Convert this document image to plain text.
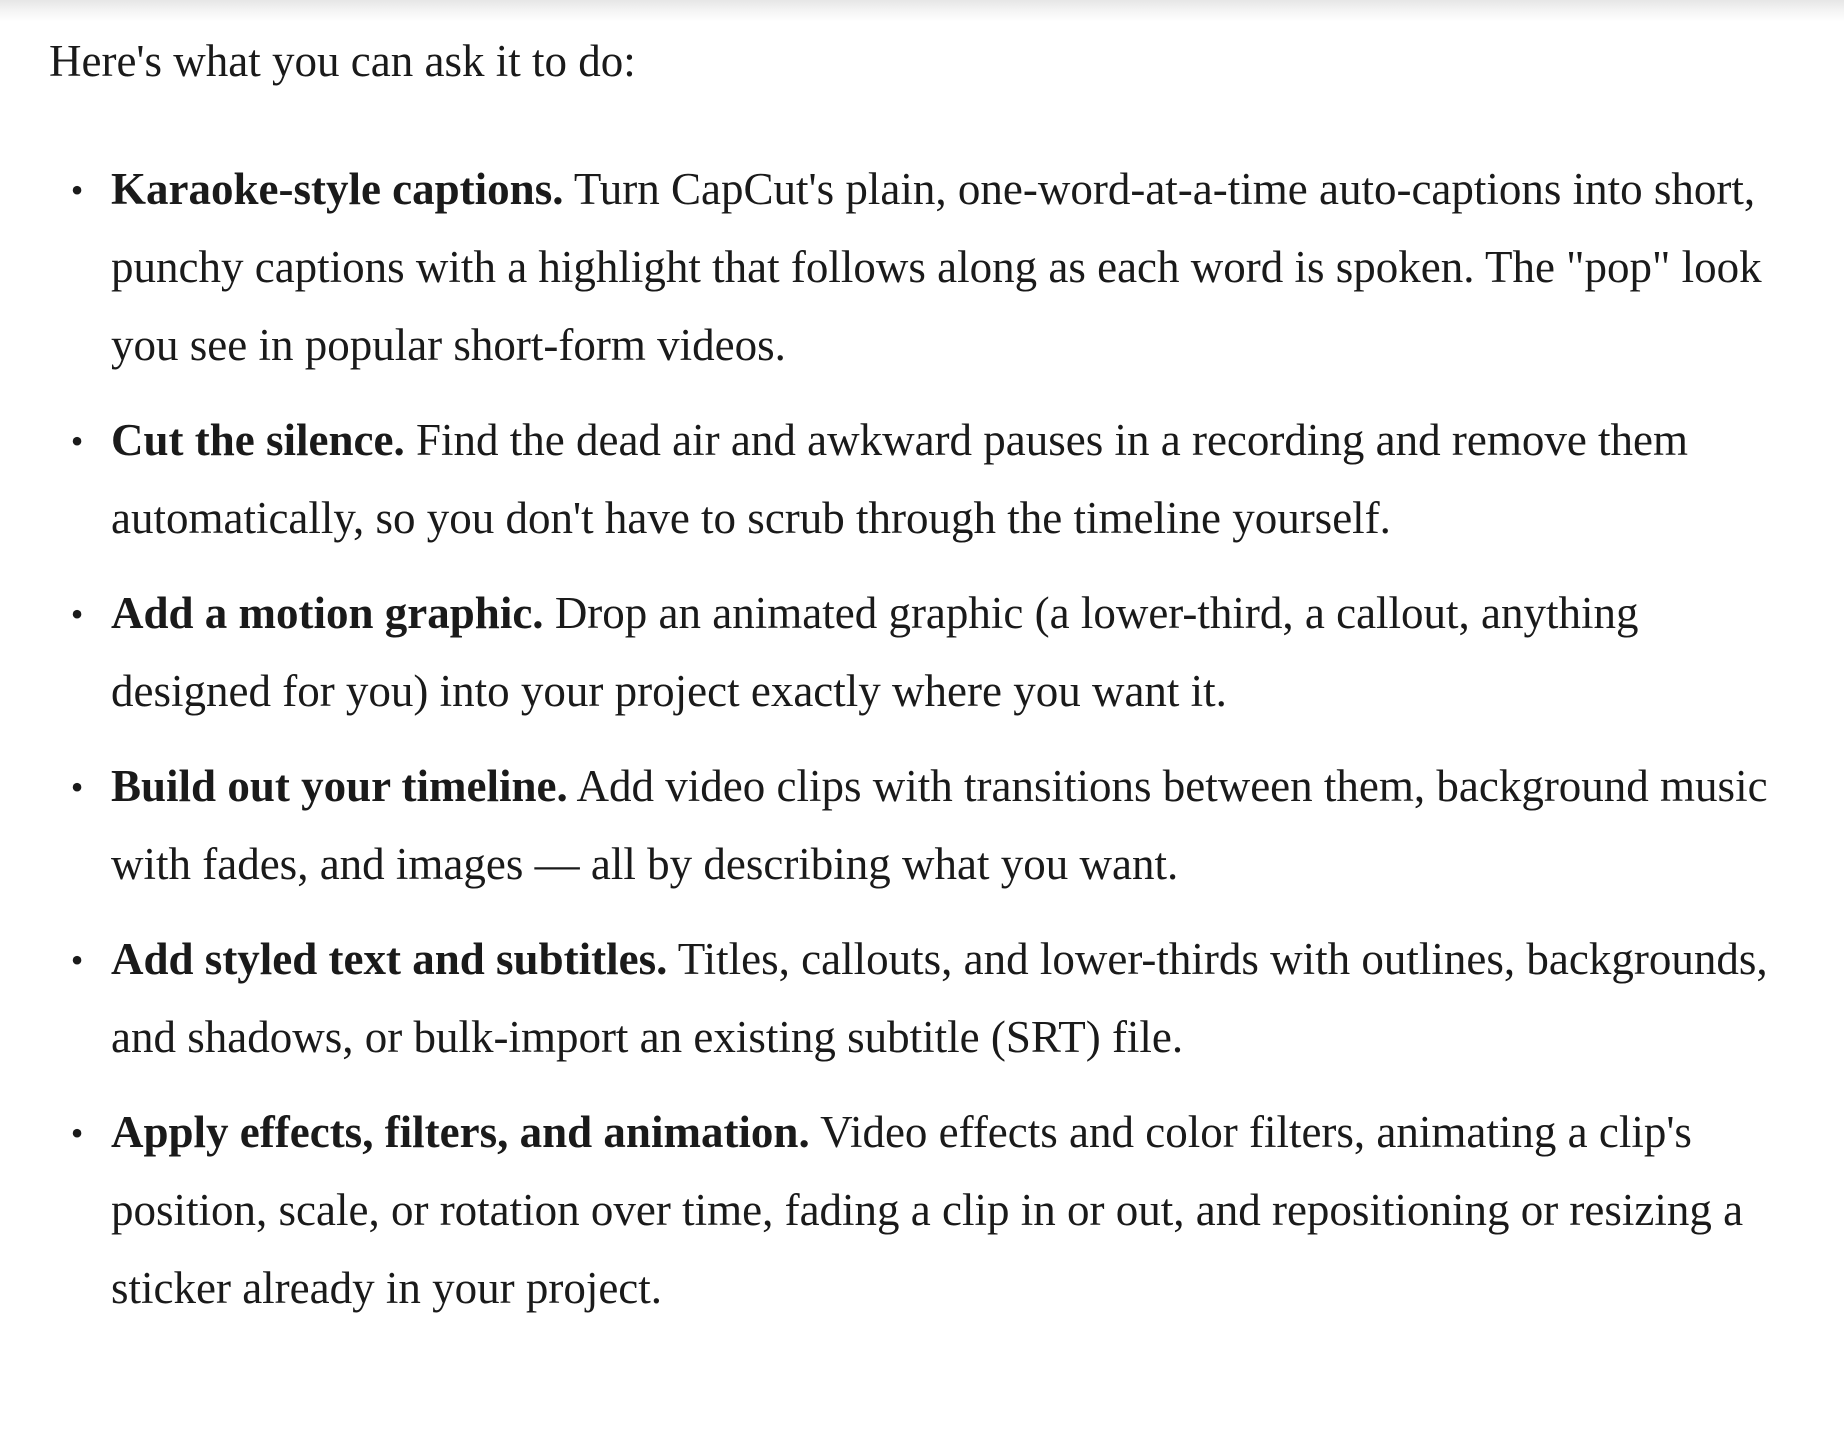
Here's what you can ask it to do:

• Karaoke-style captions. Turn CapCut's plain, one-word-at-a-time auto-captions into short, punchy captions with a highlight that follows along as each word is spoken. The "pop" look you see in popular short-form videos.
• Cut the silence. Find the dead air and awkward pauses in a recording and remove them automatically, so you don't have to scrub through the timeline yourself.
• Add a motion graphic. Drop an animated graphic (a lower-third, a callout, anything designed for you) into your project exactly where you want it.
• Build out your timeline. Add video clips with transitions between them, background music with fades, and images — all by describing what you want.
• Add styled text and subtitles. Titles, callouts, and lower-thirds with outlines, backgrounds, and shadows, or bulk-import an existing subtitle (SRT) file.
• Apply effects, filters, and animation. Video effects and color filters, animating a clip's position, scale, or rotation over time, fading a clip in or out, and repositioning or resizing a sticker already in your project.
